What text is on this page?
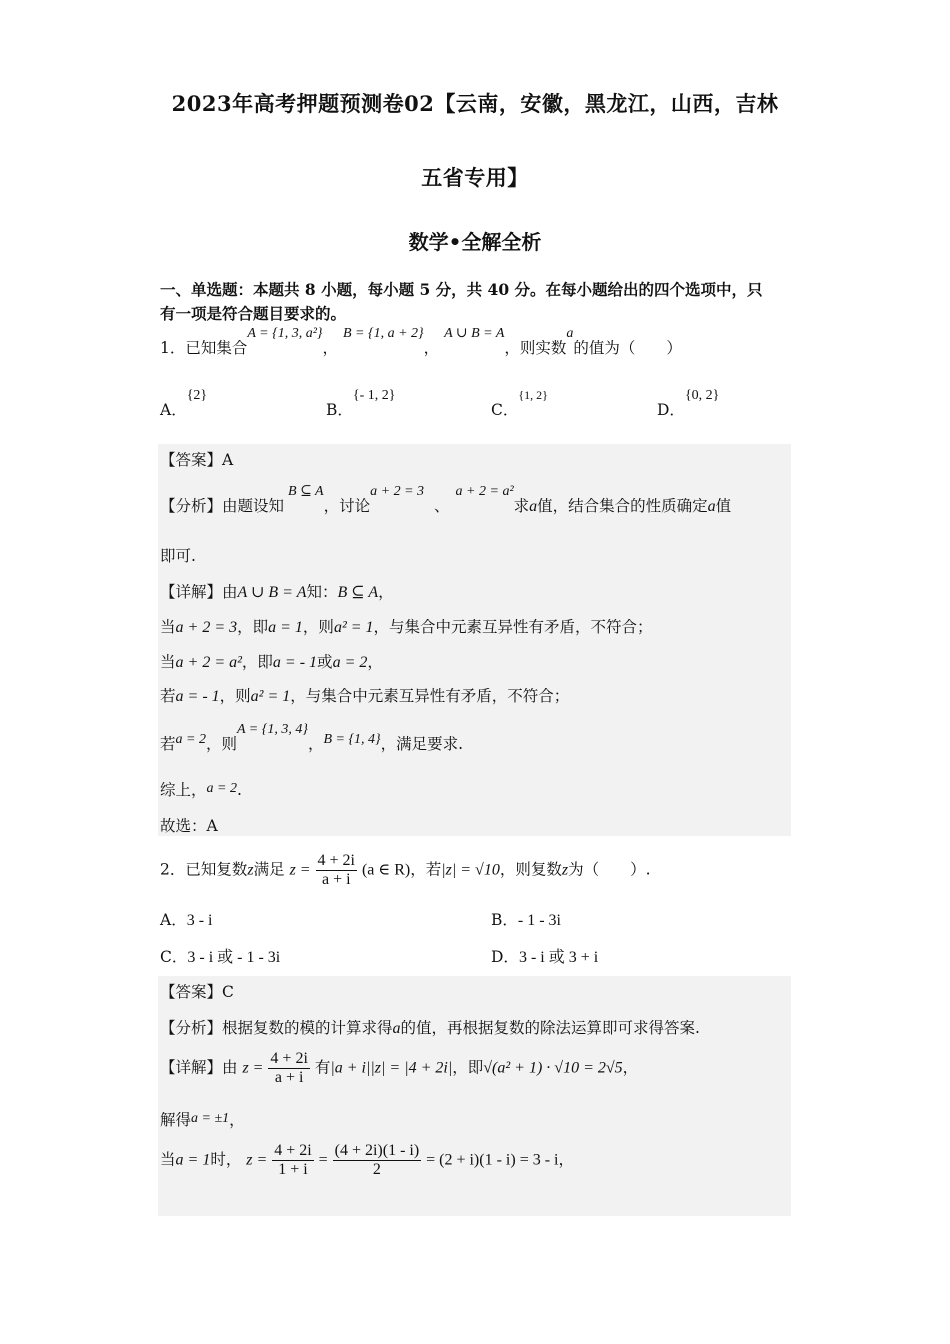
2023年高考押题预测卷02【云南，安徽，黑龙江，山西，吉林
五省专用】
数学•全解全析
一、单选题：本题共 8 小题，每小题 5 分，共 40 分。在每小题给出的四个选项中，只
有一项是符合题目要求的。
1．已知集合A = {1, 3, a²}， B = {1, a + 2}， A ∪ B = A，则实数a的值为（　　）
A．{2}
B．{- 1, 2}
C．$^{\{1, 2\}}$
D．{0, 2}
【答案】A
【分析】由题设知B ⊆ A，讨论a + 2 = 3、a + 2 = a²求a值，结合集合的性质确定a值
即可.
【详解】由A ∪ B = A知：B ⊆ A，
当a + 2 = 3，即a = 1，则a² = 1，与集合中元素互异性有矛盾，不符合；
当a + 2 = a²，即a = - 1或a = 2，
若a = - 1，则a² = 1，与集合中元素互异性有矛盾，不符合；
若a = 2，则A = {1, 3, 4}，B = {1, 4}，满足要求.
综上，a = 2.
故选：A
2．已知复数z满足 $z = \frac{4 + 2i}{a + i} (a$ ∈ R)，若|z| = √10，则复数z为（　　）.
A．3 - i	B．- 1 - 3i
C．3 - i 或 - 1 - 3i	D．3 - i 或 3 + i
【答案】C
【分析】根据复数的模的计算求得a的值，再根据复数的除法运算即可求得答案.
【详解】由 $z = \frac{4 + 2i}{a + i}$ 有|a + i||z| = |4 + 2i|，即√(a² + 1) · √10 = 2√5，
解得a = ±1，
当a = 1时， $z = \frac{4 + 2i}{1 + i} = \frac{(4 + 2i)(1 - i)}{2} = (2 + i)(1 - i) = 3 - i$，
